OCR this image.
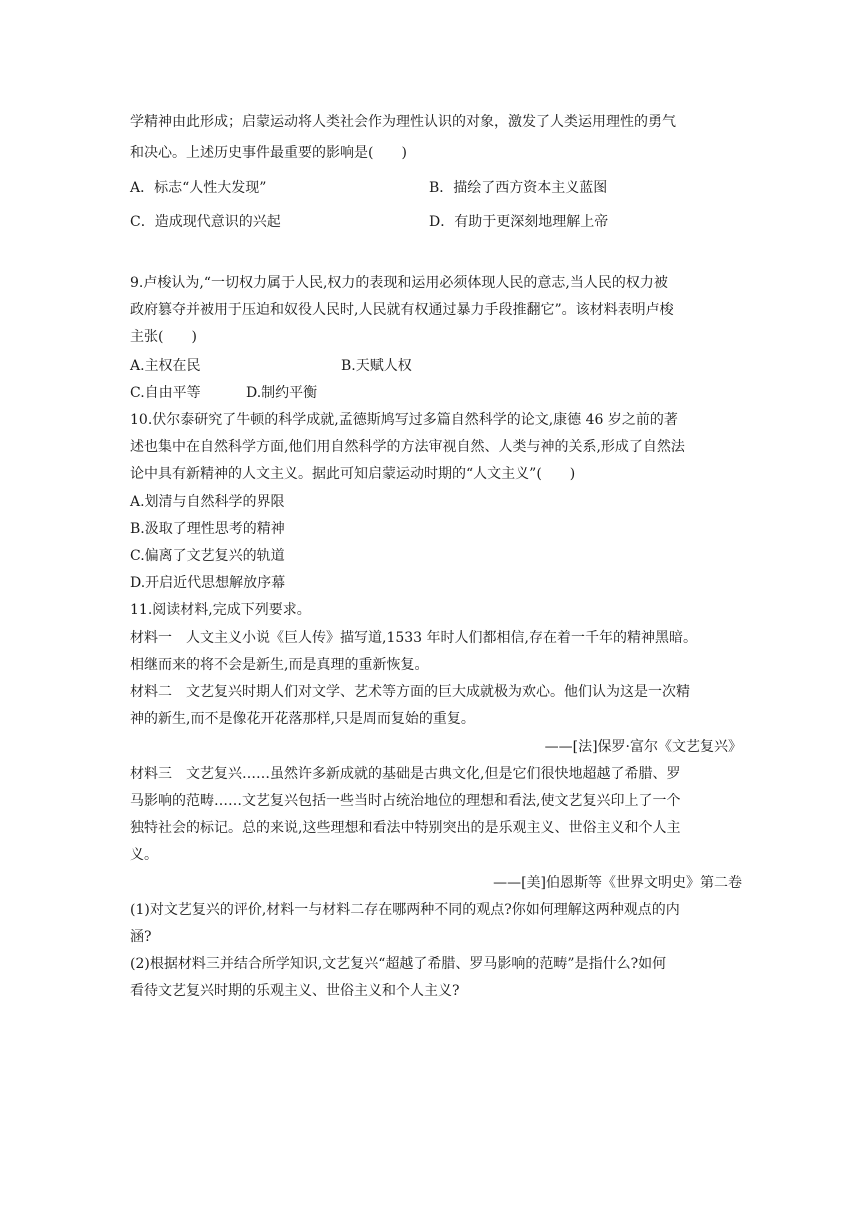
学精神由此形成；启蒙运动将人类社会作为理性认识的对象，激发了人类运用理性的勇气
和决心。上述历史事件最重要的影响是(　　)
A．标志“人性大发现”	B．描绘了西方资本主义蓝图
C．造成现代意识的兴起	D．有助于更深刻地理解上帝
9.卢梭认为,“一切权力属于人民,权力的表现和运用必须体现人民的意志,当人民的权力被
政府篡夺并被用于压迫和奴役人民时,人民就有权通过暴力手段推翻它”。该材料表明卢梭
主张(　　)
A.主权在民	B.天赋人权
C.自由平等	D.制约平衡
10.伏尔泰研究了牛顿的科学成就,孟德斯鸠写过多篇自然科学的论文,康德 46 岁之前的著
述也集中在自然科学方面,他们用自然科学的方法审视自然、人类与神的关系,形成了自然法
论中具有新精神的人文主义。据此可知启蒙运动时期的“人文主义”(　　)
A.划清与自然科学的界限
B.汲取了理性思考的精神
C.偏离了文艺复兴的轨道
D.开启近代思想解放序幕
11.阅读材料,完成下列要求。
材料一　人文主义小说《巨人传》描写道,1533 年时人们都相信,存在着一千年的精神黑暗。
相继而来的将不会是新生,而是真理的重新恢复。
材料二　文艺复兴时期人们对文学、艺术等方面的巨大成就极为欢心。他们认为这是一次精
神的新生,而不是像花开花落那样,只是周而复始的重复。
——[法]保罗·富尔《文艺复兴》
材料三　文艺复兴……虽然许多新成就的基础是古典文化,但是它们很快地超越了希腊、罗
马影响的范畴……文艺复兴包括一些当时占统治地位的理想和看法,使文艺复兴印上了一个
独特社会的标记。总的来说,这些理想和看法中特别突出的是乐观主义、世俗主义和个人主
义。
——[美]伯恩斯等《世界文明史》第二卷
(1)对文艺复兴的评价,材料一与材料二存在哪两种不同的观点?你如何理解这两种观点的内
涵?
(2)根据材料三并结合所学知识,文艺复兴“超越了希腊、罗马影响的范畴”是指什么?如何
看待文艺复兴时期的乐观主义、世俗主义和个人主义?
